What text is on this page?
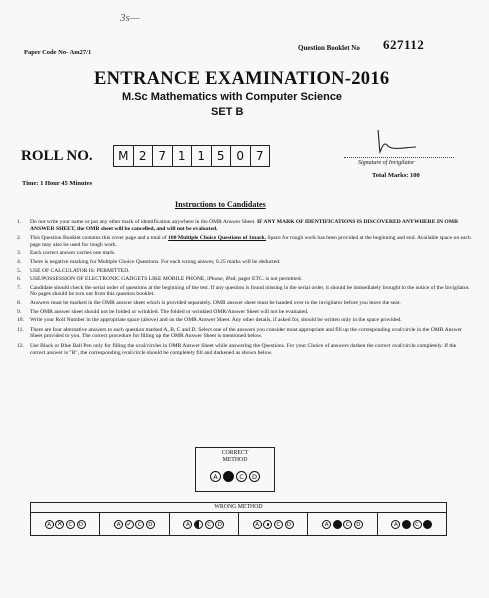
3s—
Paper Code No- Am27/1
Question Booklet No 627112
ENTRANCE EXAMINATION-2016
M.Sc Mathematics with Computer Science
SET B
ROLL NO.	M 2 7 1 1 5 0 7	Signature of Invigilator
Time: 1 Hour 45 Minutes
Total Marks: 100
Instructions to Candidates
1.	Do not write your name or put any other mark of identification anywhere in the OMR Answer Sheet. IF ANY MARK OF IDENTIFICATIONS IS DISCOVERED ANYWHERE IN OMR ANSWER SHEET, the OMR sheet will be cancelled, and will not be evaluated.
2.	This Question Booklet contains this cover page and a total of 100 Multiple Choice Questions of 1mark. Space for rough work has been provided at the beginning and end. Available space on each page may also be used for rough work.
3.	Each correct answer carries one mark.
4.	There is negative marking for Multiple Choice Questions. For each wrong answer, 0.25 marks will be deducted.
5.	USE OF CALCULATOR IS: PERMITTED.
6.	USE/POSSESSION OF ELECTRONIC GADGETS LIKE MOBILE PHONE, iPhone, iPad, pager ETC. is not permitted.
7.	Candidate should check the serial order of questions at the beginning of the test. If any question is found missing in the serial order, it should be immediately brought to the notice of the Invigilator. No pages should be torn out from this question booklet.
8.	Answers must be marked in the OMR answer sheet which is provided separately. OMR answer sheet must be handed over to the invigilator before you leave the seat.
9.	The OMR answer sheet should not be folded or wrinkled. The folded or wrinkled OMR/Answer Sheet will not be evaluated.
10.	Write your Roll Number in the appropriate space (above) and on the OMR Answer Sheet. Any other details, if asked for, should be written only in the space provided.
11.	There are four alternative answers to each question marked A, B, C and D. Select one of the answers you consider most appropriate and fill up the corresponding oval/circle in the OMR Answer Sheet provided to you. The correct procedure for filling up the OMR Answer Sheet is mentioned below.
12.	Use Black or Blue Ball Pen only for filling the oval/circles in OMR Answer Sheet while answering the Questions. For your Choice of answers darken the correct oval/circle completely. If the correct answer is "B", the corresponding oval/circle should be completely fill and darkened as shown below.
CORRECT
METHOD
A	C	D
WRONG METHOD
A ✕	C	D	A ✓	C	D	A	C	D	A	C	D	A	C	D	A	C	D
